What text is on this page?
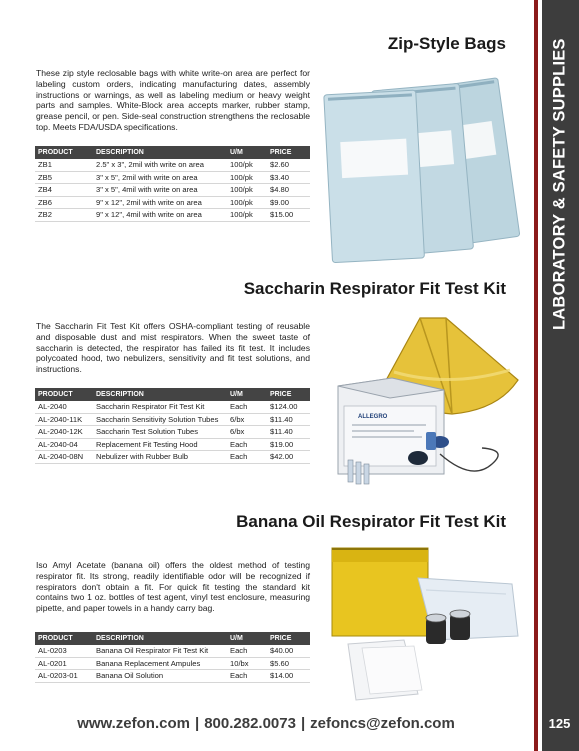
LABORATORY & SAFETY SUPPLIES
125
www.zefon.com | 800.282.0073 | zefoncs@zefon.com
Zip-Style Bags
These zip style reclosable bags with white write-on area are perfect for labeling custom orders, indicating manufacturing dates, assembly instructions or warnings, as well as labeling medium or heavy weight parts and samples. White-Block area accepts marker, rubber stamp, grease pencil, or pen. Side-seal construction strengthens the reclosable top. Meets FDA/USDA specifications.
PRODUCT	DESCRIPTION	U/M	PRICE
ZB1	2.5" x 3", 2mil with write on area	100/pk	$2.60
ZB5	3" x 5", 2mil with write on area	100/pk	$3.40
ZB4	3" x 5", 4mil with write on area	100/pk	$4.80
ZB6	9" x 12", 2mil with write on area	100/pk	$9.00
ZB2	9" x 12", 4mil with write on area	100/pk	$15.00
Saccharin Respirator Fit Test Kit
The Saccharin Fit Test Kit offers OSHA-compliant testing of reusable and disposable dust and mist respirators. When the sweet taste of saccharin is detected, the respirator has failed its fit test. It includes polycoated hood, two nebulizers, sensitivity and fit test solutions, and instructions.
PRODUCT	DESCRIPTION	U/M	PRICE
AL-2040	Saccharin Respirator Fit Test Kit	Each	$124.00
AL-2040-11K	Saccharin Sensitivity Solution Tubes	6/bx	$11.40
AL-2040-12K	Saccharin Test Solution Tubes	6/bx	$11.40
AL-2040-04	Replacement Fit Testing Hood	Each	$19.00
AL-2040-08N	Nebulizer with Rubber Bulb	Each	$42.00
ALLEGRO
Banana Oil Respirator Fit Test Kit
Iso Amyl Acetate (banana oil) offers the oldest method of testing respirator fit. Its strong, readily identifiable odor will be recognized if respirators don't obtain a fit. For quick fit testing the standard kit contains two 1 oz. bottles of test agent, vinyl test enclosure, measuring pipette, and paper towels in a handy carry bag.
PRODUCT	DESCRIPTION	U/M	PRICE
AL-0203	Banana Oil Respirator Fit Test Kit	Each	$40.00
AL-0201	Banana Replacement Ampules	10/bx	$5.60
AL-0203-01	Banana Oil Solution	Each	$14.00
